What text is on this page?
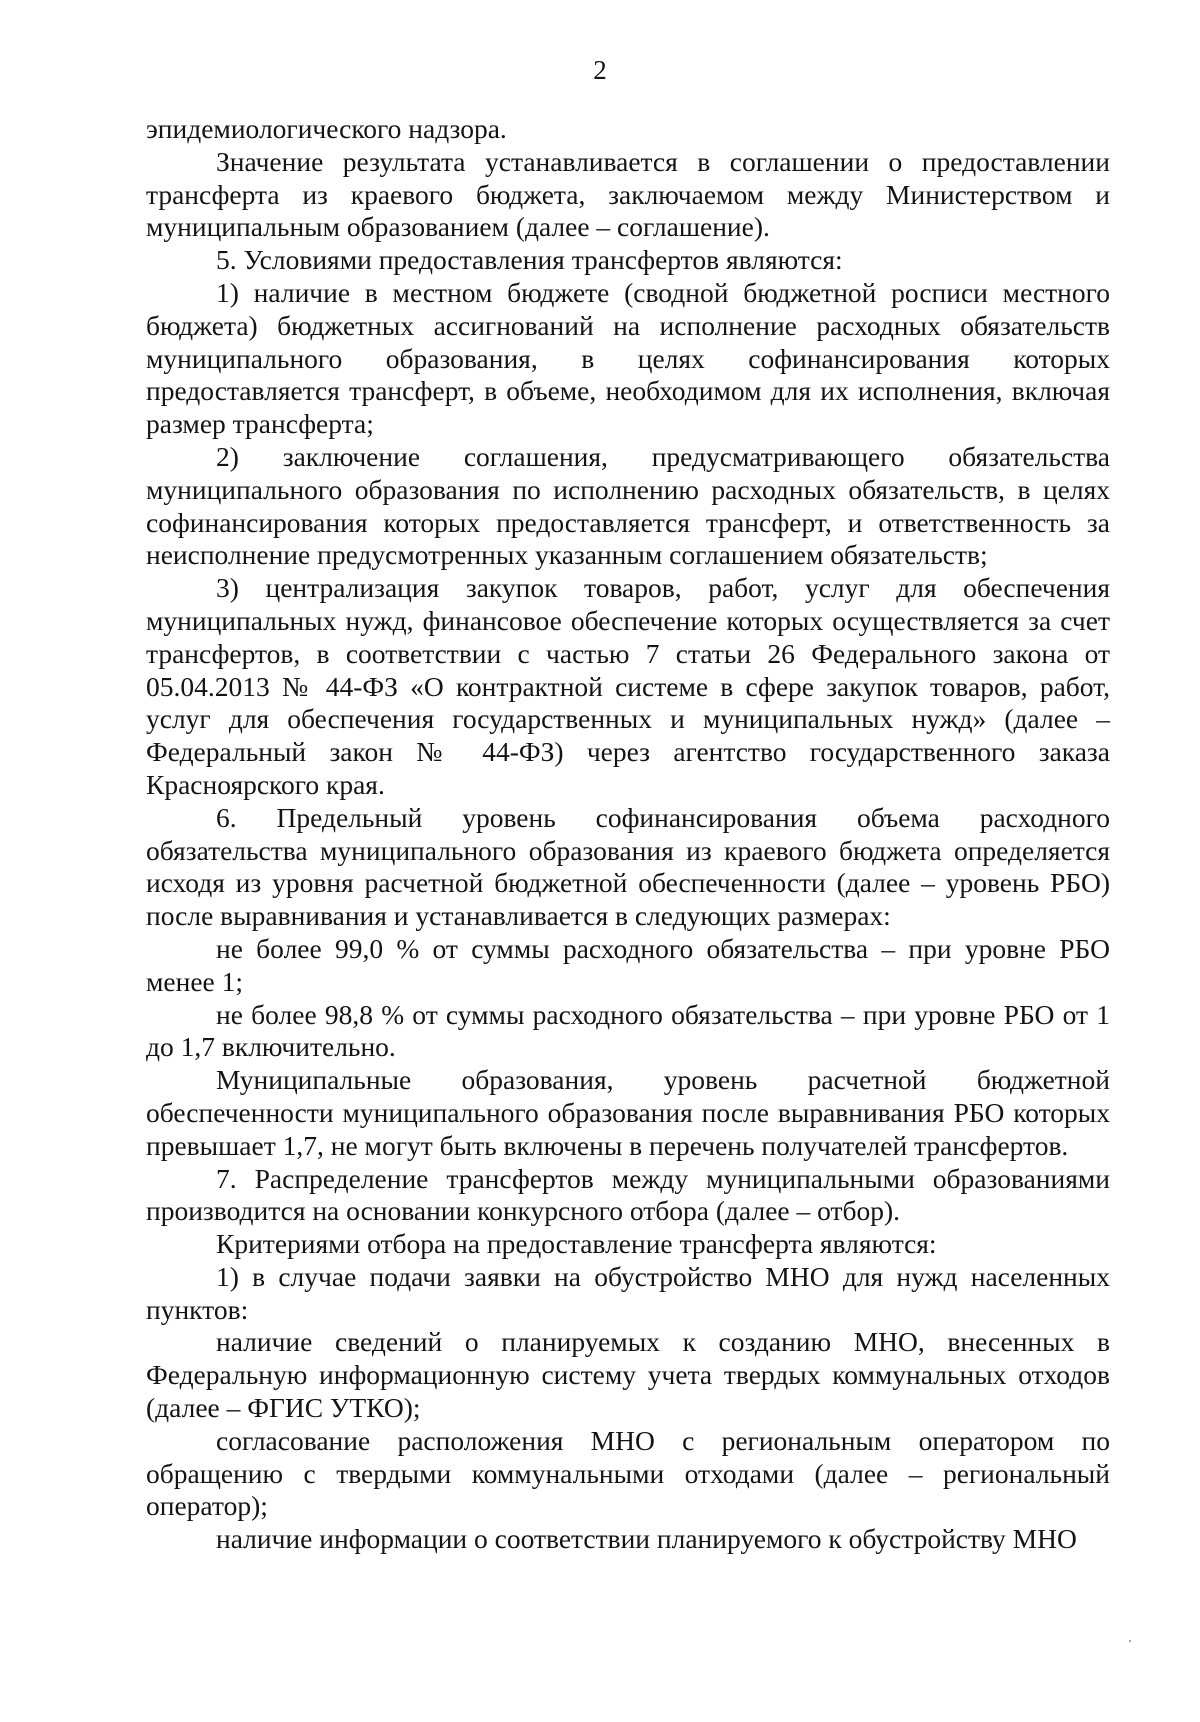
2

эпидемиологического надзора.

Значение результата устанавливается в соглашении о предоставлении трансферта из краевого бюджета, заключаемом между Министерством и муниципальным образованием (далее – соглашение).

5. Условиями предоставления трансфертов являются:

1) наличие в местном бюджете (сводной бюджетной росписи местного бюджета) бюджетных ассигнований на исполнение расходных обязательств муниципального образования, в целях софинансирования которых предоставляется трансферт, в объеме, необходимом для их исполнения, включая размер трансферта;

2) заключение соглашения, предусматривающего обязательства муниципального образования по исполнению расходных обязательств, в целях софинансирования которых предоставляется трансферт, и ответственность за неисполнение предусмотренных указанным соглашением обязательств;

3) централизация закупок товаров, работ, услуг для обеспечения муниципальных нужд, финансовое обеспечение которых осуществляется за счет трансфертов, в соответствии с частью 7 статьи 26 Федерального закона от 05.04.2013 № 44-ФЗ «О контрактной системе в сфере закупок товаров, работ, услуг для обеспечения государственных и муниципальных нужд» (далее – Федеральный закон № 44-ФЗ) через агентство государственного заказа Красноярского края.

6. Предельный уровень софинансирования объема расходного обязательства муниципального образования из краевого бюджета определяется исходя из уровня расчетной бюджетной обеспеченности (далее – уровень РБО) после выравнивания и устанавливается в следующих размерах:

не более 99,0 % от суммы расходного обязательства – при уровне РБО менее 1;

не более 98,8 % от суммы расходного обязательства – при уровне РБО от 1 до 1,7 включительно.

Муниципальные образования, уровень расчетной бюджетной обеспеченности муниципального образования после выравнивания РБО которых превышает 1,7, не могут быть включены в перечень получателей трансфертов.

7. Распределение трансфертов между муниципальными образованиями производится на основании конкурсного отбора (далее – отбор).

Критериями отбора на предоставление трансферта являются:

1) в случае подачи заявки на обустройство МНО для нужд населенных пунктов:

наличие сведений о планируемых к созданию МНО, внесенных в Федеральную информационную систему учета твердых коммунальных отходов (далее – ФГИС УТКО);

согласование расположения МНО с региональным оператором по обращению с твердыми коммунальными отходами (далее – региональный оператор);

наличие информации о соответствии планируемого к обустройству МНО
